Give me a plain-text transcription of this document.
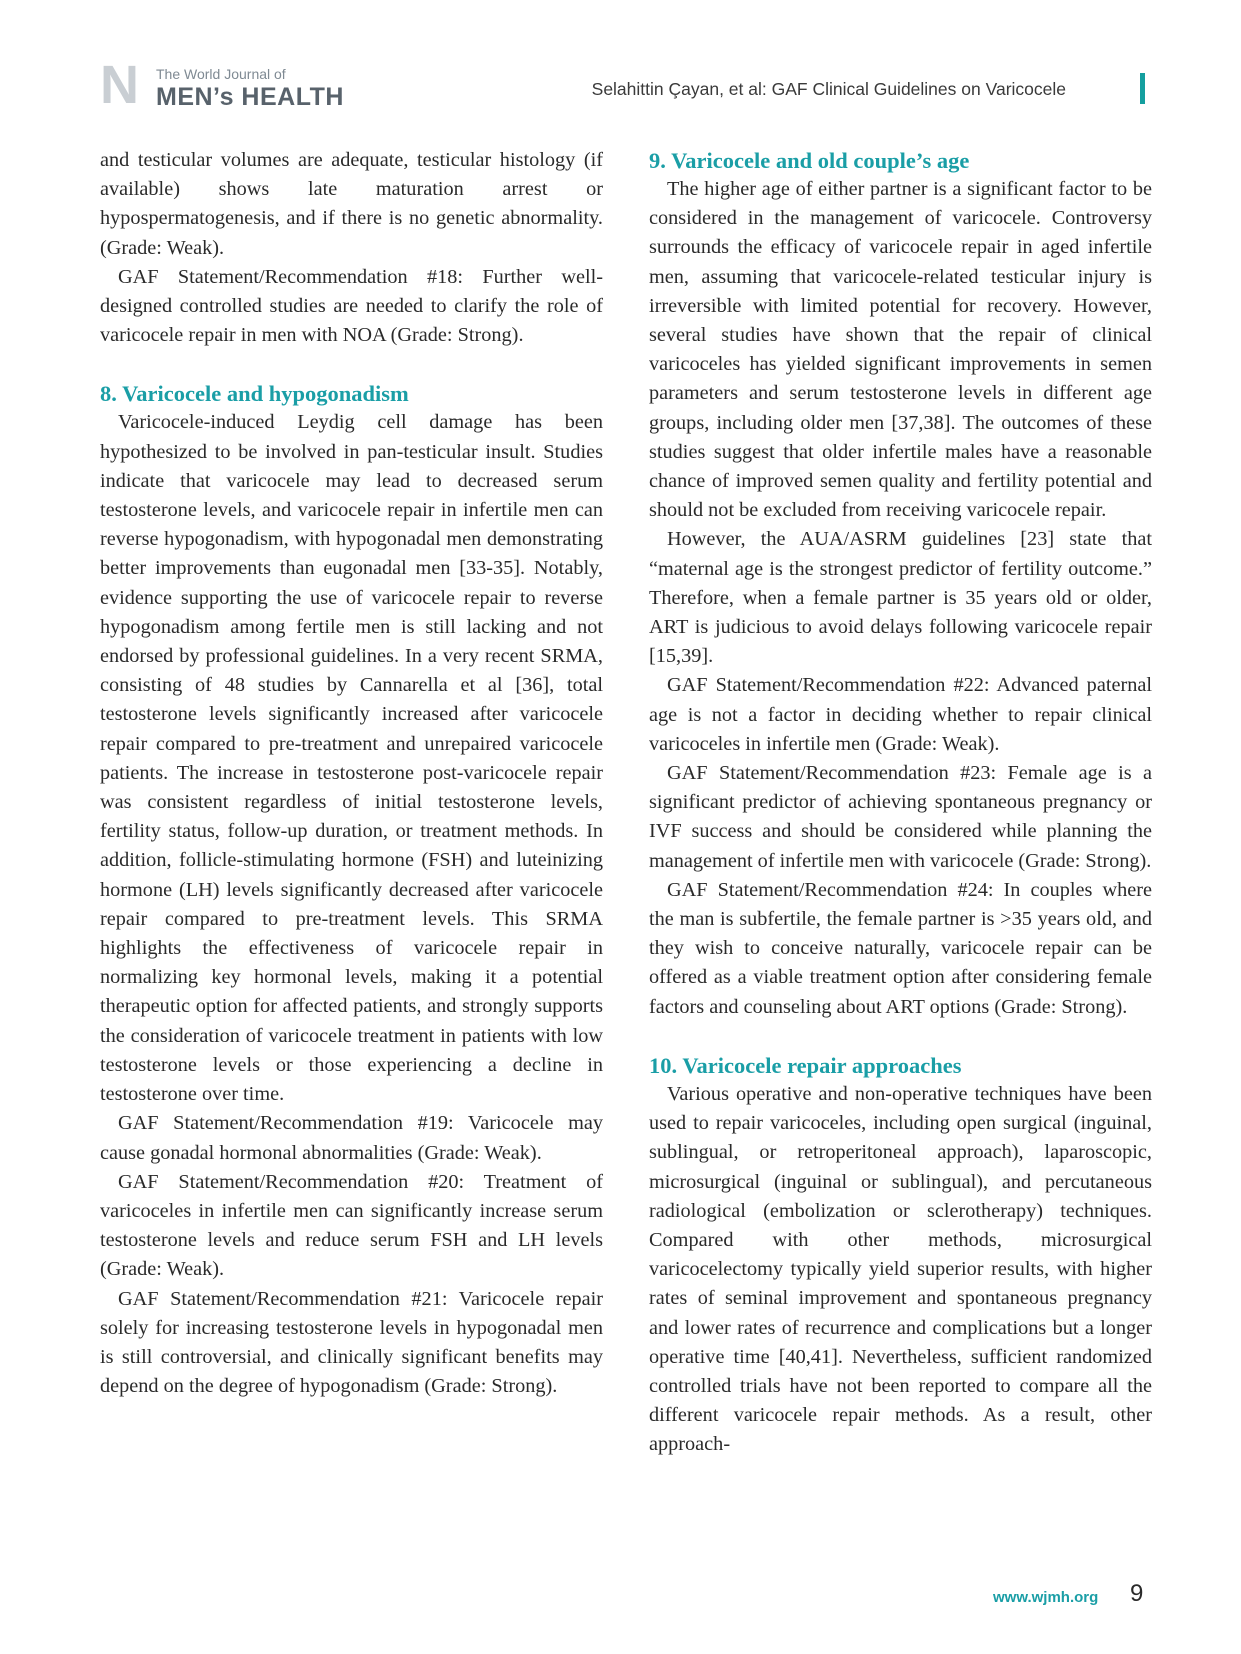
N The World Journal of
MEN’s HEALTH	Selahittin Çayan, et al: GAF Clinical Guidelines on Varicocele

and testicular volumes are adequate, testicular histology (if available) shows late maturation arrest or hypospermatogenesis, and if there is no genetic abnormality. (Grade: Weak).

GAF Statement/Recommendation #18: Further well-designed controlled studies are needed to clarify the role of varicocele repair in men with NOA (Grade: Strong).

8. Varicocele and hypogonadism

Varicocele-induced Leydig cell damage has been hypothesized to be involved in pan-testicular insult. Studies indicate that varicocele may lead to decreased serum testosterone levels, and varicocele repair in infertile men can reverse hypogonadism, with hypogonadal men demonstrating better improvements than eugonadal men [33-35]. Notably, evidence supporting the use of varicocele repair to reverse hypogonadism among fertile men is still lacking and not endorsed by professional guidelines. In a very recent SRMA, consisting of 48 studies by Cannarella et al [36], total testosterone levels significantly increased after varicocele repair compared to pre-treatment and unrepaired varicocele patients. The increase in testosterone post-varicocele repair was consistent regardless of initial testosterone levels, fertility status, follow-up duration, or treatment methods. In addition, follicle-stimulating hormone (FSH) and luteinizing hormone (LH) levels significantly decreased after varicocele repair compared to pre-treatment levels. This SRMA highlights the effectiveness of varicocele repair in normalizing key hormonal levels, making it a potential therapeutic option for affected patients, and strongly supports the consideration of varicocele treatment in patients with low testosterone levels or those experiencing a decline in testosterone over time.

GAF Statement/Recommendation #19: Varicocele may cause gonadal hormonal abnormalities (Grade: Weak).

GAF Statement/Recommendation #20: Treatment of varicoceles in infertile men can significantly increase serum testosterone levels and reduce serum FSH and LH levels (Grade: Weak).

GAF Statement/Recommendation #21: Varicocele repair solely for increasing testosterone levels in hypogonadal men is still controversial, and clinically significant benefits may depend on the degree of hypogonadism (Grade: Strong).

9. Varicocele and old couple’s age

The higher age of either partner is a significant factor to be considered in the management of varicocele. Controversy surrounds the efficacy of varicocele repair in aged infertile men, assuming that varicocele-related testicular injury is irreversible with limited potential for recovery. However, several studies have shown that the repair of clinical varicoceles has yielded significant improvements in semen parameters and serum testosterone levels in different age groups, including older men [37,38]. The outcomes of these studies suggest that older infertile males have a reasonable chance of improved semen quality and fertility potential and should not be excluded from receiving varicocele repair.

However, the AUA/ASRM guidelines [23] state that “maternal age is the strongest predictor of fertility outcome.” Therefore, when a female partner is 35 years old or older, ART is judicious to avoid delays following varicocele repair [15,39].

GAF Statement/Recommendation #22: Advanced paternal age is not a factor in deciding whether to repair clinical varicoceles in infertile men (Grade: Weak).

GAF Statement/Recommendation #23: Female age is a significant predictor of achieving spontaneous pregnancy or IVF success and should be considered while planning the management of infertile men with varicocele (Grade: Strong).

GAF Statement/Recommendation #24: In couples where the man is subfertile, the female partner is >35 years old, and they wish to conceive naturally, varicocele repair can be offered as a viable treatment option after considering female factors and counseling about ART options (Grade: Strong).

10. Varicocele repair approaches

Various operative and non-operative techniques have been used to repair varicoceles, including open surgical (inguinal, sublingual, or retroperitoneal approach), laparoscopic, microsurgical (inguinal or sublingual), and percutaneous radiological (embolization or sclerotherapy) techniques. Compared with other methods, microsurgical varicocelectomy typically yield superior results, with higher rates of seminal improvement and spontaneous pregnancy and lower rates of recurrence and complications but a longer operative time [40,41]. Nevertheless, sufficient randomized controlled trials have not been reported to compare all the different varicocele repair methods. As a result, other approach-

www.wjmh.org 9
